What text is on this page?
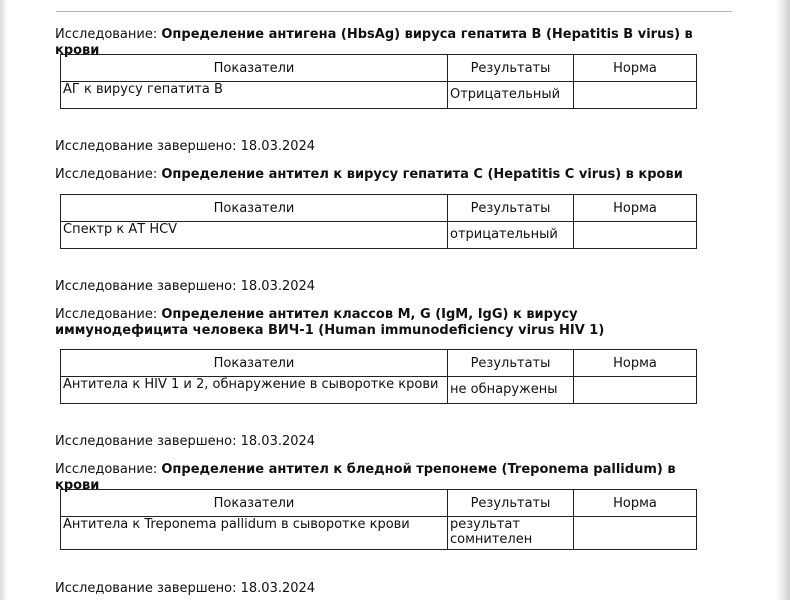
Исследование: Определение антигена (HbsAg) вируса гепатита В (Hepatitis B virus) в крови

Показатели	Результаты	Норма
АГ к вирусу гепатита В	Отрицательный	

Исследование завершено: 18.03.2024

Исследование: Определение антител к вирусу гепатита С (Hepatitis C virus) в крови

Показатели	Результаты	Норма
Спектр к АТ HCV	отрицательный	

Исследование завершено: 18.03.2024

Исследование: Определение антител классов M, G (IgM, IgG) к вирусу иммунодефицита человека ВИЧ-1 (Human immunodeficiency virus HIV 1)

Показатели	Результаты	Норма
Антитела к HIV 1 и 2, обнаружение в сыворотке крови	не обнаружены	

Исследование завершено: 18.03.2024

Исследование: Определение антител к бледной трепонеме (Treponema pallidum) в крови

Показатели	Результаты	Норма
Антитела к Treponema pallidum в сыворотке крови	результат сомнителен	

Исследование завершено: 18.03.2024
